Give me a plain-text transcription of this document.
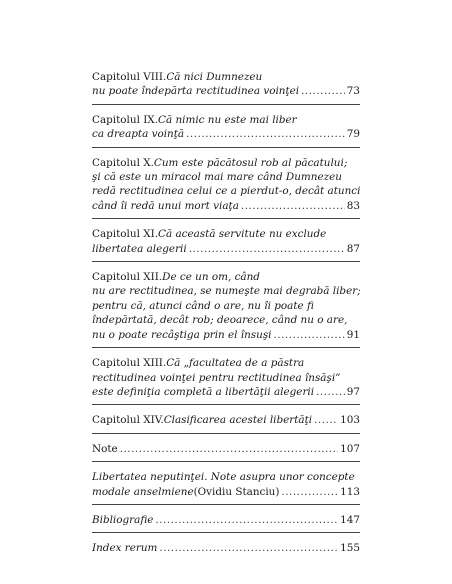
Capitolul VIII. Că nici Dumnezeu
nu poate îndepărta rectitudinea voinţei .....	73
Capitolul IX. Că nimic nu este mai liber
ca dreapta voinţă .....	79
Capitolul X. Cum este păcătosul rob al păcatului;
şi că este un miracol mai mare când Dumnezeu
redă rectitudinea celui ce a pierdut-o, decât atunci
când îi redă unui mort viaţa .....	83
Capitolul XI. Că această servitute nu exclude
libertatea alegerii .....	87
Capitolul XII. De ce un om, când
nu are rectitudinea, se numeşte mai degrabă liber;
pentru că, atunci când o are, nu îi poate fi
îndepărtată, decât rob; deoarece, când nu o are,
nu o poate recâştiga prin el însuşi .....	91
Capitolul XIII. Că „facultatea de a păstra
rectitudinea voinţei pentru rectitudinea însăşi”
este definiţia completă a libertăţii alegerii .....	97
Capitolul XIV. Clasificarea acestei libertăţi .....	103
Note .....	107
Libertatea neputinţei. Note asupra unor concepte
modale anselmiene (Ovidiu Stanciu) .....	113
Bibliografie .....	147
Index rerum .....	155
